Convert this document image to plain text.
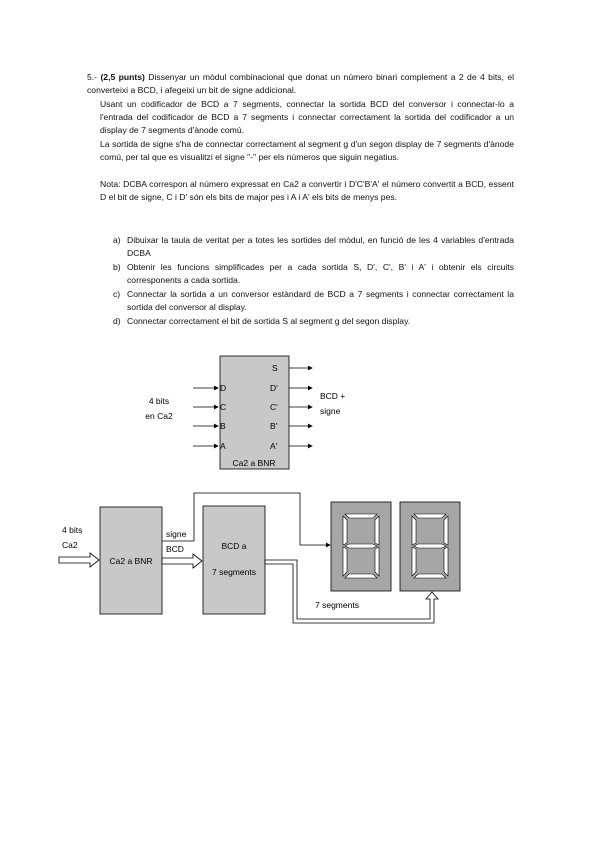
5.- (2,5 punts) Dissenyar un mòdul combinacional que donat un número binari complement a 2 de 4 bits, el converteixi a BCD, i afegeixi un bit de signe addicional.
Usant un codificador de BCD a 7 segments, connectar la sortida BCD del conversor i connectar-lo a l'entrada del codificador de BCD a 7 segments i connectar correctament la sortida del codificador a un display de 7 segments d'ànode comú.
La sortida de signe s'ha de connectar correctament al segment g d'un segon display de 7 segments d'ànode comú, per tal que es visualitzi el signe "-" per els números que siguin negatius.
Nota: DCBA correspon al número expressat en Ca2 a convertir i D'C'B'A' el número convertit a BCD, essent D el bit de signe, C i D' són els bits de major pes i A i A' els bits de menys pes.
a) Dibuixar la taula de veritat per a totes les sortides del mòdul, en funció de les 4 variables d'entrada DCBA
b) Obtenir les funcions simplificades per a cada sortida S, D', C', B' i A' i obtenir els circuits corresponents a cada sortida.
c) Connectar la sortida a un conversor estàndard de BCD a 7 segments i connectar correctament la sortida del conversor al display.
d) Connectar correctament el bit de sortida S al segment g del segon display.
Ca2 a BNR
D
C
B
A
4 bits
en Ca2
S
D'
C'
B'
A'
BCD +
signe
4 bits
Ca2
Ca2 a BNR
signe
BCD	BCD a
7 segments
7 segments
